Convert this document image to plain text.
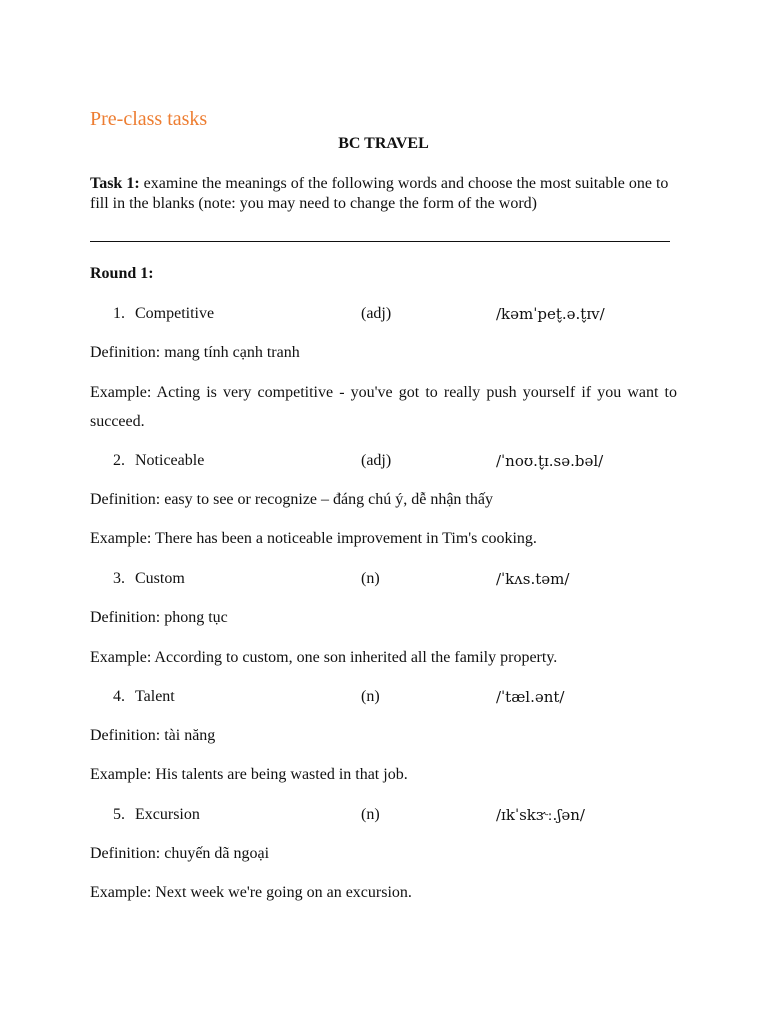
Pre-class tasks
BC TRAVEL
Task 1: examine the meanings of the following words and choose the most suitable one to fill in the blanks (note: you may need to change the form of the word)
Round 1:
1. Competitive	(adj)	/kəmˈpet̬.ə.t̬ɪv/
Definition: mang tính cạnh tranh
Example: Acting is very competitive - you've got to really push yourself if you want to succeed.
2. Noticeable	(adj)	/ˈnoʊ.t̬ɪ.sə.bəl/
Definition: easy to see or recognize – đáng chú ý, dễ nhận thấy
Example: There has been a noticeable improvement in Tim's cooking.
3. Custom	(n)	/ˈkʌs.təm/
Definition: phong tục
Example: According to custom, one son inherited all the family property.
4. Talent	(n)	/ˈtæl.ənt/
Definition: tài năng
Example: His talents are being wasted in that job.
5. Excursion	(n)	/ɪkˈskɝː.ʃən/
Definition: chuyến dã ngoại
Example: Next week we're going on an excursion.
